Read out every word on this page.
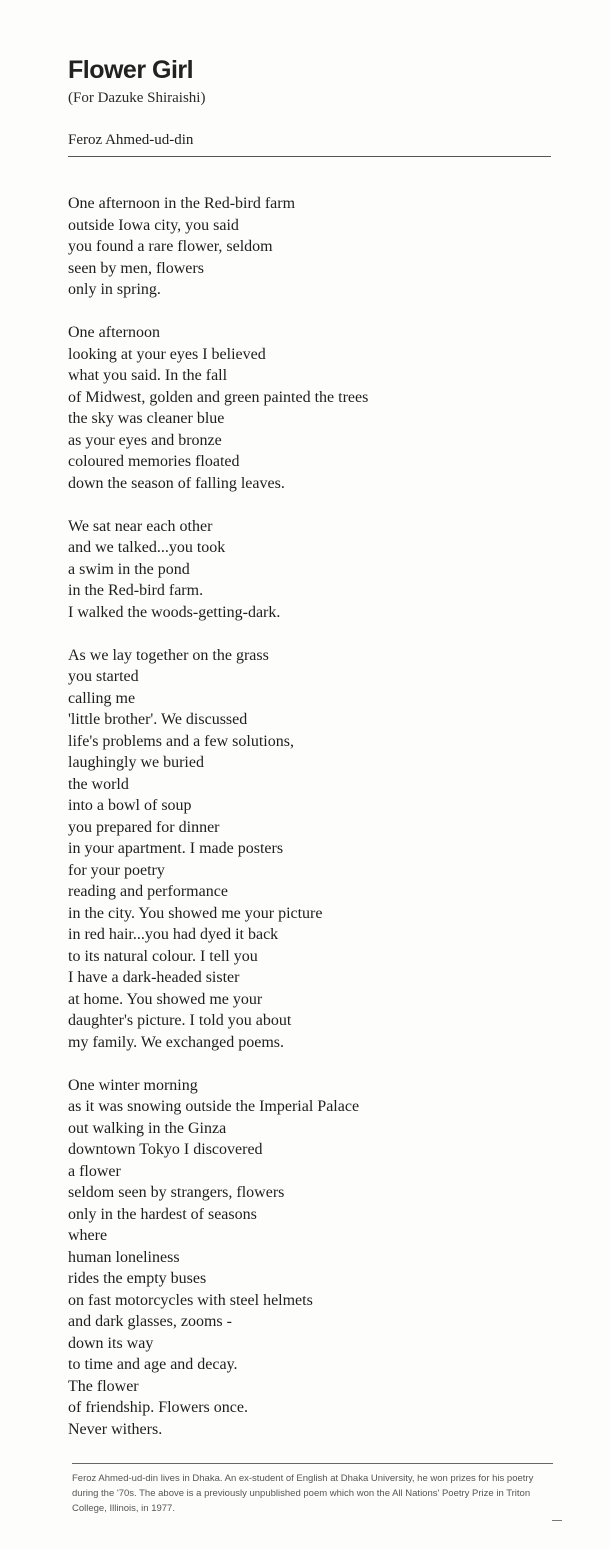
Flower Girl

(For Dazuke Shiraishi)

Feroz Ahmed-ud-din

One afternoon in the Red-bird farm
outside Iowa city, you said
you found a rare flower, seldom
seen by men, flowers
only in spring.

One afternoon
looking at your eyes I believed
what you said. In the fall
of Midwest, golden and green painted the trees
the sky was cleaner blue
as your eyes and bronze
coloured memories floated
down the season of falling leaves.

We sat near each other
and we talked...you took
a swim in the pond
in the Red-bird farm.
I walked the woods-getting-dark.

As we lay together on the grass
you started
calling me
'little brother'. We discussed
life's problems and a few solutions,
laughingly we buried
the world
into a bowl of soup
you prepared for dinner
in your apartment. I made posters
for your poetry
reading and performance
in the city. You showed me your picture
in red hair...you had dyed it back
to its natural colour. I tell you
I have a dark-headed sister
at home. You showed me your
daughter's picture. I told you about
my family. We exchanged poems.

One winter morning
as it was snowing outside the Imperial Palace
out walking in the Ginza
downtown Tokyo I discovered
a flower
seldom seen by strangers, flowers
only in the hardest of seasons
where
human loneliness
rides the empty buses
on fast motorcycles with steel helmets
and dark glasses, zooms -
down its way
to time and age and decay.
The flower
of friendship. Flowers once.
Never withers.

Feroz Ahmed-ud-din lives in Dhaka. An ex-student of English at Dhaka University, he won prizes for his poetry during the '70s. The above is a previously unpublished poem which won the All Nations' Poetry Prize in Triton College, Illinois, in 1977.
